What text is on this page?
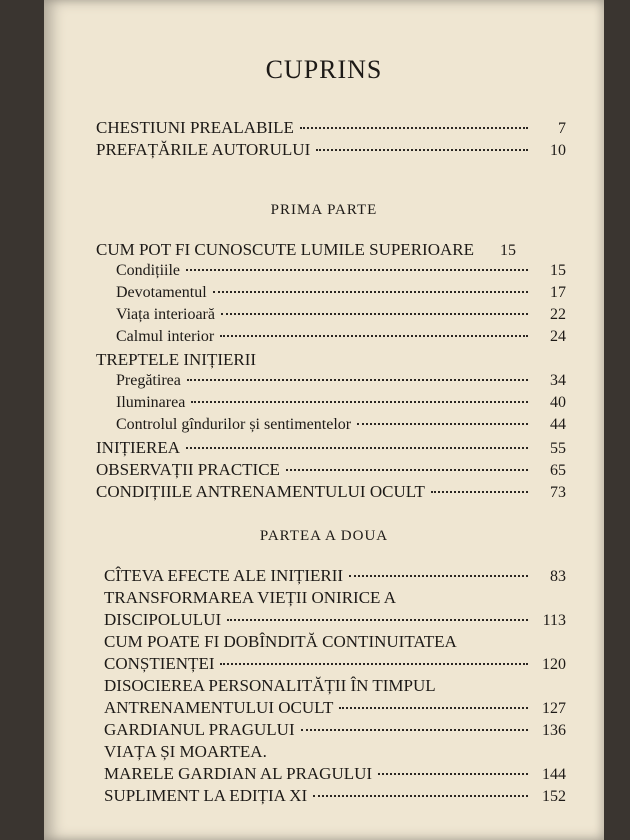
CUPRINS
CHESTIUNI PREALABILE	7
PREFAȚĂRILE AUTORULUI	10
PRIMA PARTE
CUM POT FI CUNOSCUTE LUMILE SUPERIOARE	15
Condițiile	15
Devotamentul	17
Viața interioară	22
Calmul interior	24
TREPTELE INIȚIERII
Pregătirea	34
Iluminarea	40
Controlul gîndurilor și sentimentelor	44
INIȚIEREA	55
OBSERVAȚII PRACTICE	65
CONDIȚIILE ANTRENAMENTULUI OCULT	73
PARTEA A DOUA
CÎTEVA EFECTE ALE INIȚIERII	83
TRANSFORMAREA VIEȚII ONIRICE A
DISCIPOLULUI	113
CUM POATE FI DOBÎNDITĂ CONTINUITATEA
CONȘTIENȚEI	120
DISOCIEREA PERSONALITĂȚII ÎN TIMPUL
ANTRENAMENTULUI OCULT	127
GARDIANUL PRAGULUI	136
VIAȚA ȘI MOARTEA.
MARELE GARDIAN AL PRAGULUI	144
SUPLIMENT LA EDIȚIA XI	152
